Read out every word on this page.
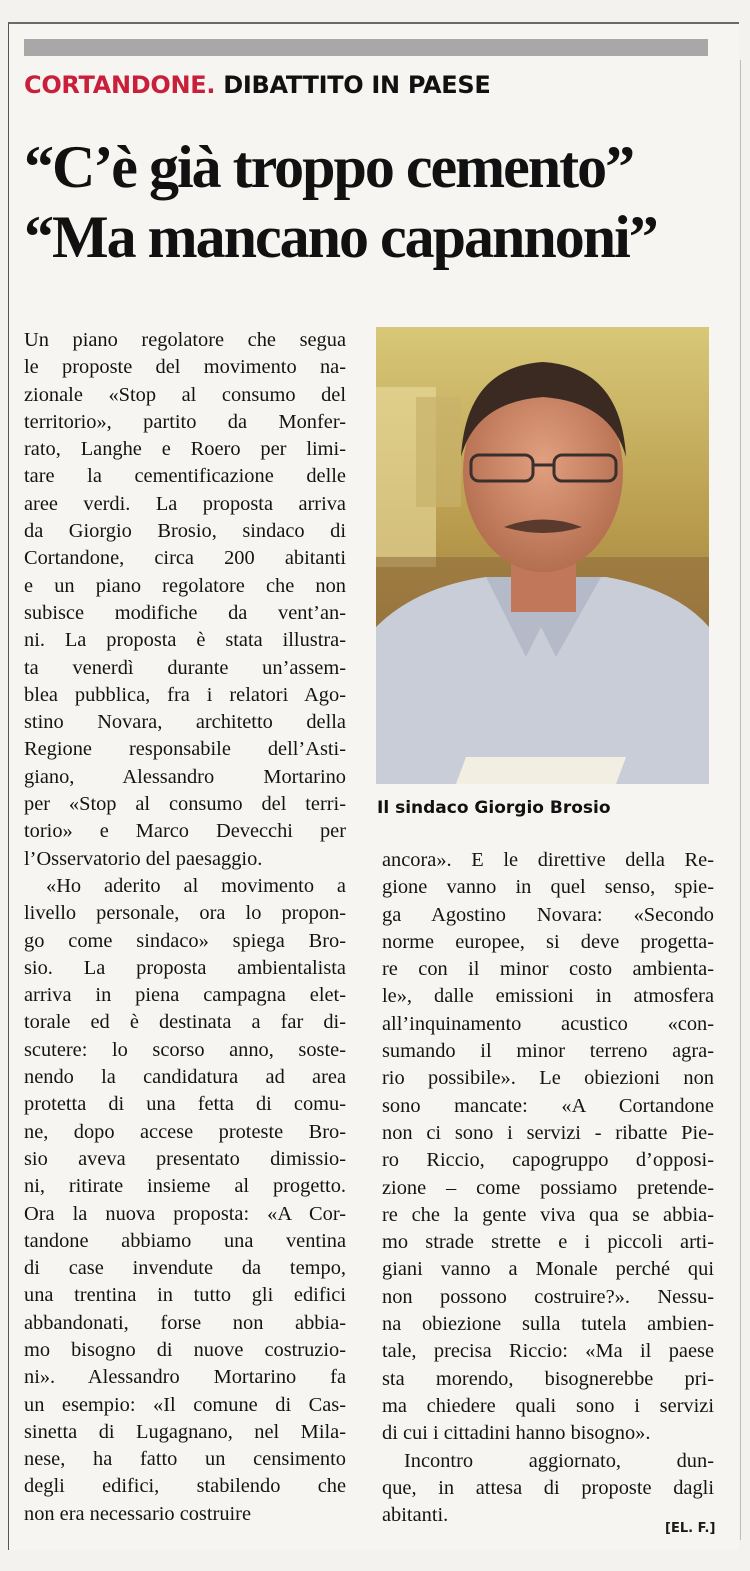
CORTANDONE. DIBATTITO IN PAESE
“C’è già troppo cemento”
“Ma mancano capannoni”
Il sindaco Giorgio Brosio
Un piano regolatore che segua
le proposte del movimento na-
zionale «Stop al consumo del
territorio», partito da Monfer-
rato, Langhe e Roero per limi-
tare la cementificazione delle
aree verdi. La proposta arriva
da Giorgio Brosio, sindaco di
Cortandone, circa 200 abitanti
e un piano regolatore che non
subisce modifiche da vent’an-
ni. La proposta è stata illustra-
ta venerdì durante un’assem-
blea pubblica, fra i relatori Ago-
stino Novara, architetto della
Regione responsabile dell’Asti-
giano, Alessandro Mortarino
per «Stop al consumo del terri-
torio» e Marco Devecchi per
l’Osservatorio del paesaggio.
«Ho aderito al movimento a
livello personale, ora lo propon-
go come sindaco» spiega Bro-
sio. La proposta ambientalista
arriva in piena campagna elet-
torale ed è destinata a far di-
scutere: lo scorso anno, soste-
nendo la candidatura ad area
protetta di una fetta di comu-
ne, dopo accese proteste Bro-
sio aveva presentato dimissio-
ni, ritirate insieme al progetto.
Ora la nuova proposta: «A Cor-
tandone abbiamo una ventina
di case invendute da tempo,
una trentina in tutto gli edifici
abbandonati, forse non abbia-
mo bisogno di nuove costruzio-
ni». Alessandro Mortarino fa
un esempio: «Il comune di Cas-
sinetta di Lugagnano, nel Mila-
nese, ha fatto un censimento
degli edifici, stabilendo che
non era necessario costruire
ancora». E le direttive della Re-
gione vanno in quel senso, spie-
ga Agostino Novara: «Secondo
norme europee, si deve progetta-
re con il minor costo ambienta-
le», dalle emissioni in atmosfera
all’inquinamento acustico «con-
sumando il minor terreno agra-
rio possibile». Le obiezioni non
sono mancate: «A Cortandone
non ci sono i servizi - ribatte Pie-
ro Riccio, capogruppo d’opposi-
zione – come possiamo pretende-
re che la gente viva qua se abbia-
mo strade strette e i piccoli arti-
giani vanno a Monale perché qui
non possono costruire?». Nessu-
na obiezione sulla tutela ambien-
tale, precisa Riccio: «Ma il paese
sta morendo, bisognerebbe pri-
ma chiedere quali sono i servizi
di cui i cittadini hanno bisogno».
Incontro aggiornato, dun-
que, in attesa di proposte dagli
abitanti.
[EL. F.]
